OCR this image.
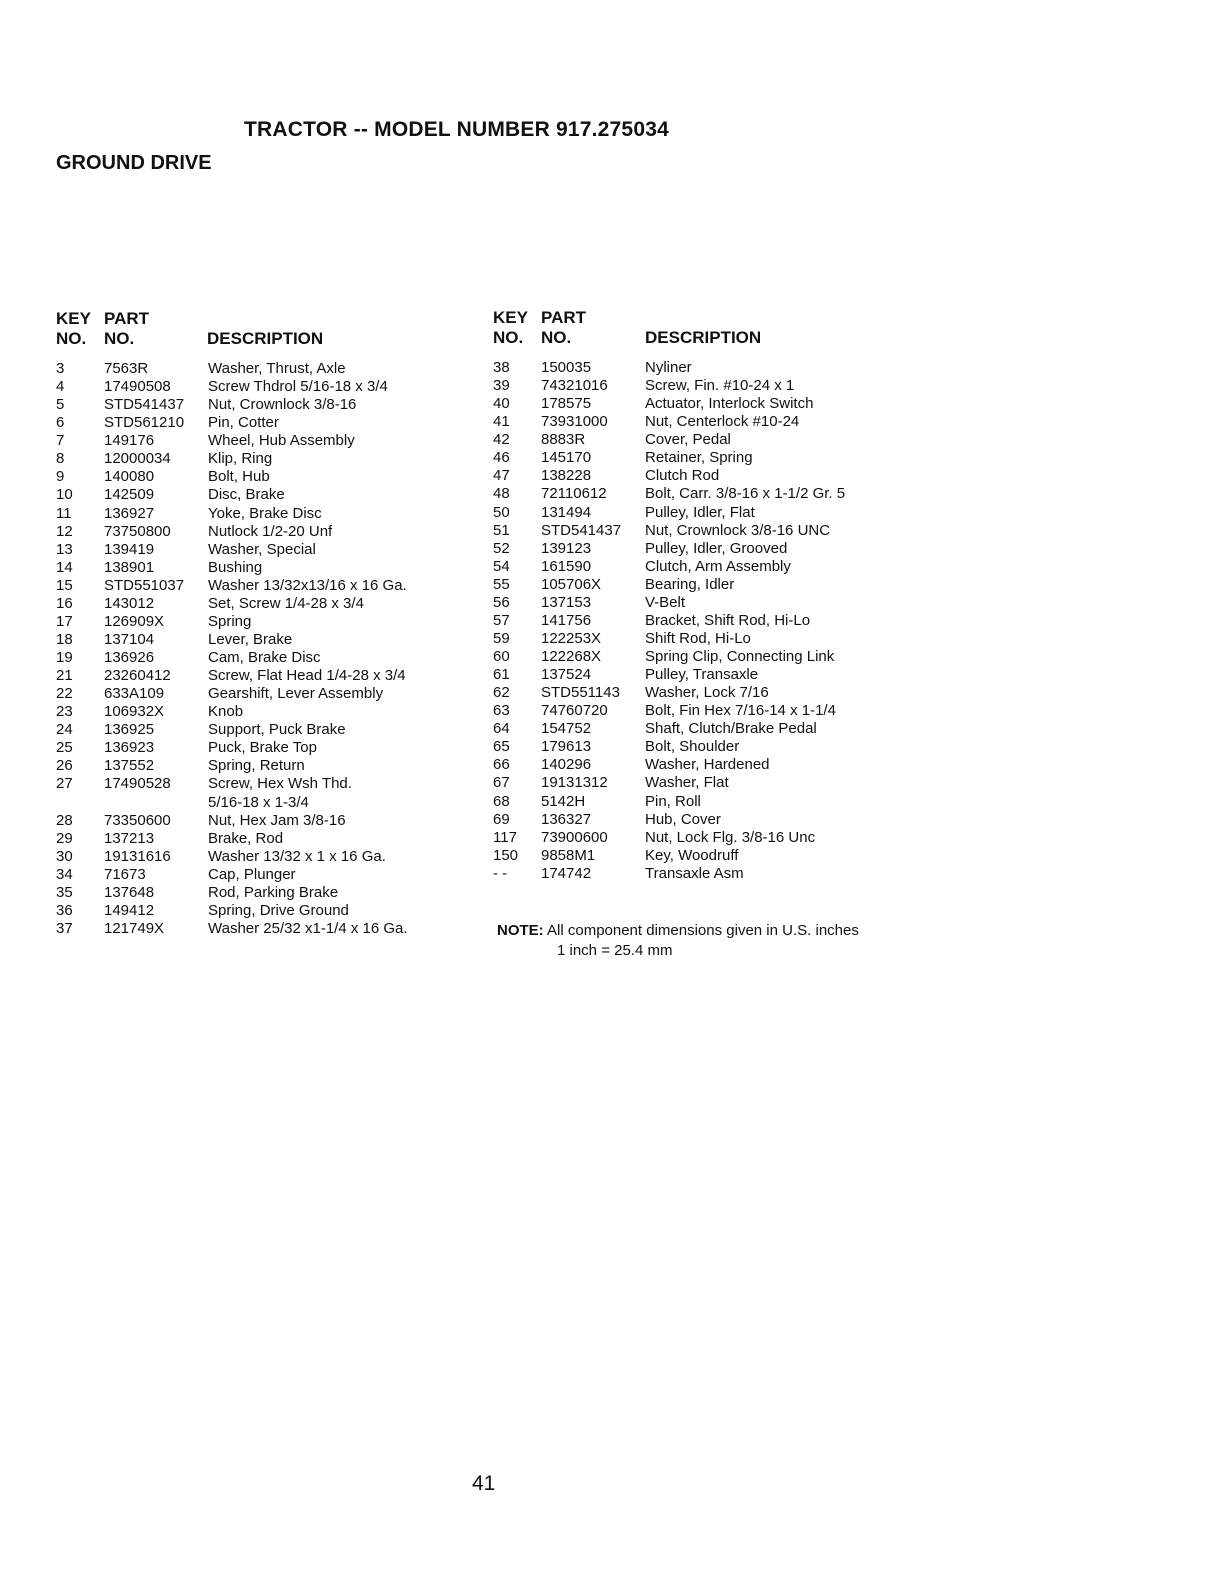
TRACTOR -- MODEL NUMBER 917.275034
GROUND DRIVE
KEY
NO.
PART
NO.	DESCRIPTION
KEY
NO.
PART
NO.	DESCRIPTION
3	7563R	Washer, Thrust, Axle
4	17490508 Screw Thdrol 5/16-18 x 3/4
5	STD541437 Nut, Crownlock 3/8-16
6	STD561210 Pin, Cotter
7	149176	Wheel, Hub Assembly
8	12000034 Klip, Ring
9	140080	Bolt, Hub
10 142509	Disc, Brake
11 136927	Yoke, Brake Disc
12 73750800 Nutlock 1/2-20 Unf
13 139419	Washer, Special
14 138901	Bushing
15 STD551037 Washer 13/32x13/16 x 16 Ga.
16 143012	Set, Screw 1/4-28 x 3/4
17 126909X	Spring
18 137104	Lever, Brake
19 136926	Cam, Brake Disc
21 23260412 Screw, Flat Head 1/4-28 x 3/4
22 633A109	Gearshift, Lever Assembly
23 106932X	Knob
24 136925	Support, Puck Brake
25 136923	Puck, Brake Top
26 137552	Spring, Return
27 17490528 Screw, Hex Wsh Thd.
5/16-18 x 1-3/4
28 73350600 Nut, Hex Jam 3/8-16
29 137213	Brake, Rod
30 19131616 Washer 13/32 x 1 x 16 Ga.
34 71673	Cap, Plunger
35 137648	Rod, Parking Brake
36 149412	Spring, Drive Ground
37 121749X	Washer 25/32 x1-1/4 x 16 Ga.
38 150035	Nyliner
39 74321016 Screw, Fin. #10-24 x 1
40 178575	Actuator, Interlock Switch
41 73931000 Nut, Centerlock #10-24
42 8883R	Cover, Pedal
46 145170	Retainer, Spring
47 138228	Clutch Rod
48 72110612	Bolt, Carr. 3/8-16 x 1-1/2 Gr. 5
50 131494	Pulley, Idler, Flat
51 STD541437 Nut, Crownlock 3/8-16 UNC
52 139123	Pulley, Idler, Grooved
54 161590	Clutch, Arm Assembly
55 105706X	Bearing, Idler
56 137153	V-Belt
57 141756	Bracket, Shift Rod, Hi-Lo
59 122253X	Shift Rod, Hi-Lo
60 122268X	Spring Clip, Connecting Link
61 137524	Pulley, Transaxle
62 STD551143 Washer, Lock 7/16
63 74760720 Bolt, Fin Hex 7/16-14 x 1-1/4
64 154752	Shaft, Clutch/Brake Pedal
65 179613	Bolt, Shoulder
66 140296	Washer, Hardened
67 19131312 Washer, Flat
68 5142H	Pin, Roll
69 136327	Hub, Cover
117 73900600 Nut, Lock Flg. 3/8-16 Unc
150 9858M1	Key, Woodruff
- - 174742	Transaxle Asm
NOTE: All component dimensions given in U.S. inches
1 inch = 25.4 mm
41
